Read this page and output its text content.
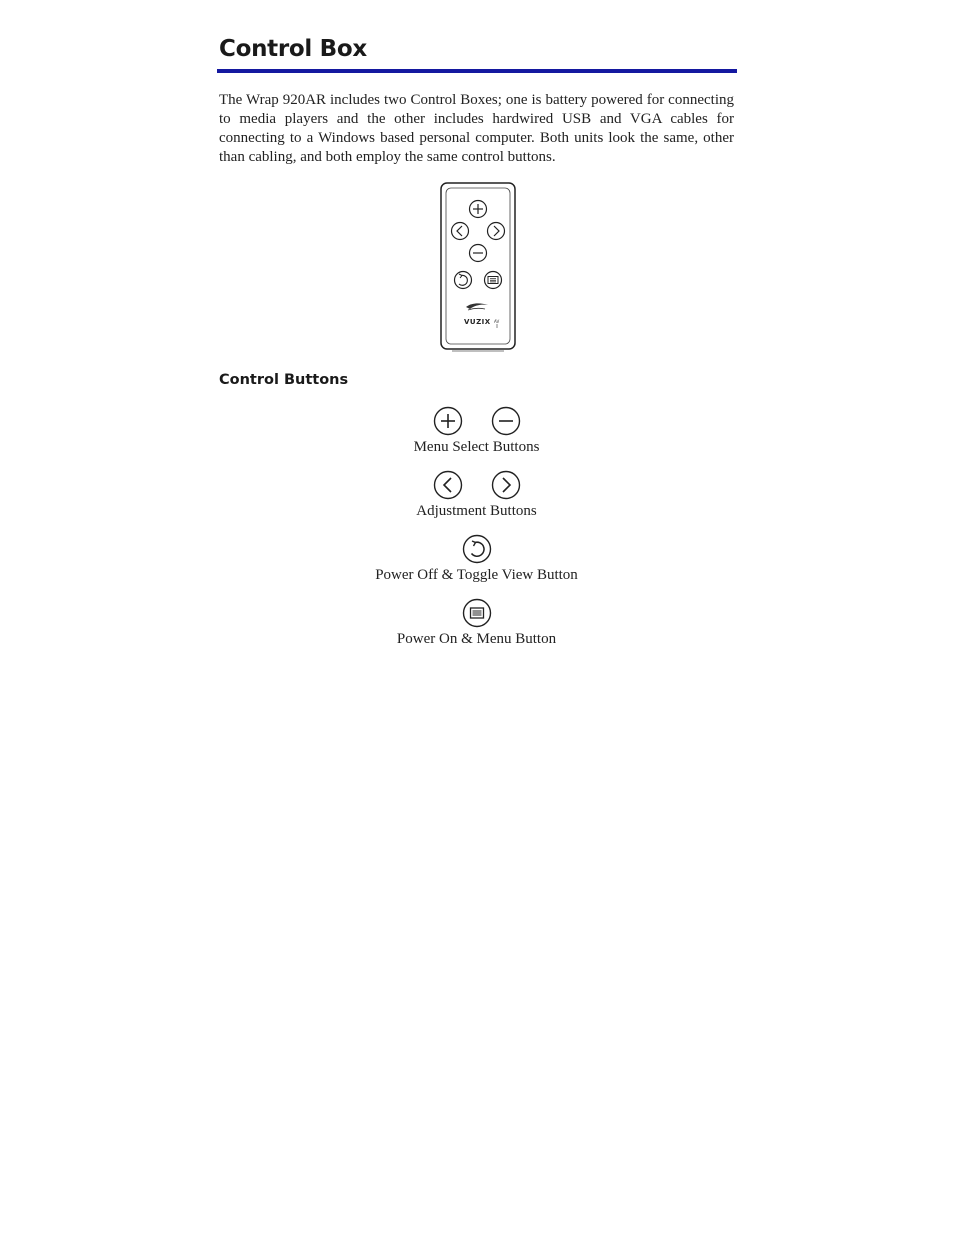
Control Box

The Wrap 920AR includes two Control Boxes; one is battery powered for connecting to media players and the other includes hardwired USB and VGA cables for connecting to a Windows based personal computer. Both units look the same, other than cabling, and both employ the same control buttons.

VUZIX AV
Control Buttons
Menu Select Buttons
Adjustment Buttons
Power Off & Toggle View Button
Power On & Menu Button
